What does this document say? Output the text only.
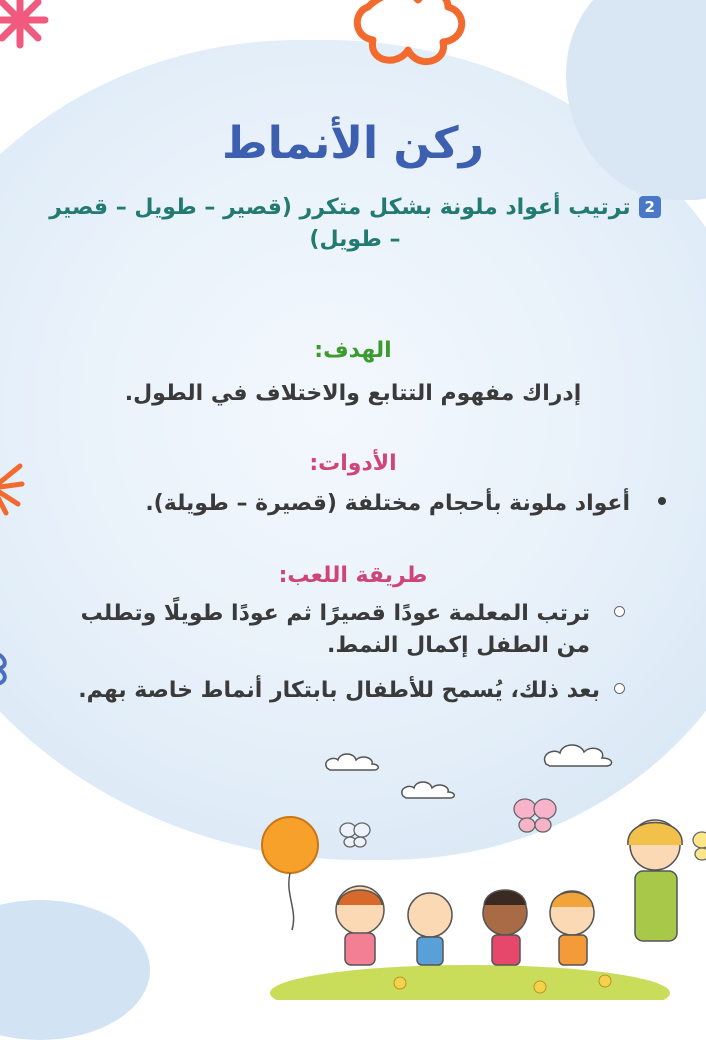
ركن الأنماط
2ترتيب أعواد ملونة بشكل متكرر (قصير – طويل – قصير – طويل)
الهدف:
إدراك مفهوم التتابع والاختلاف في الطول.
الأدوات:
أعواد ملونة بأحجام مختلفة (قصيرة – طويلة).
طريقة اللعب:
ترتب المعلمة عودًا قصيرًا ثم عودًا طويلًا وتطلب من الطفل إكمال النمط.
بعد ذلك، يُسمح للأطفال بابتكار أنماط خاصة بهم.
